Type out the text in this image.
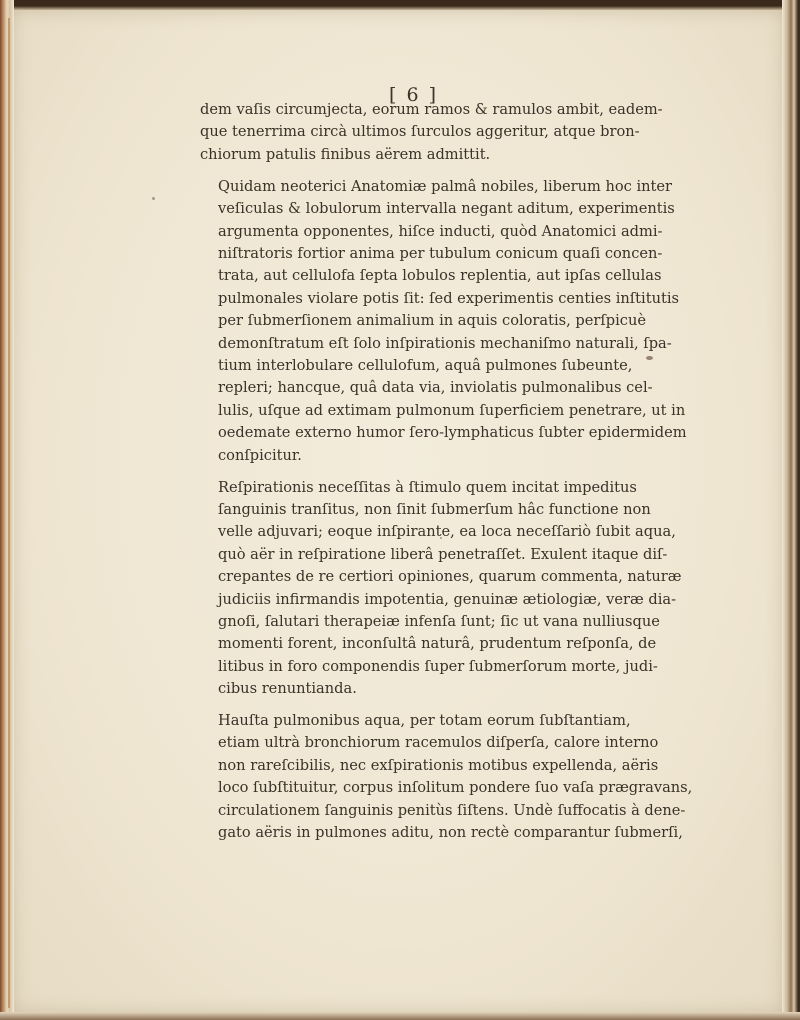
[ 6 ]

dem vaſis circumjecta, eorum ramos & ramulos ambit, eadem-
que tenerrima circà ultimos ſurculos aggeritur, atque bron-
chiorum patulis finibus aërem admittit.

Quidam neoterici Anatomiæ palmâ nobiles, liberum hoc inter
veſiculas & lobulorum intervalla negant aditum, experimentis
argumenta opponentes, hiſce inducti, quòd Anatomici admi-
niſtratoris fortior anima per tubulum conicum quaſi concen-
trata, aut cellulofa ſepta lobulos replentia, aut ipſas cellulas
pulmonales violare potis ſit: ſed experimentis centies inſtitutis
per ſubmerſionem animalium in aquis coloratis, perſpicuè
demonſtratum eſt ſolo inſpirationis mechaniſmo naturali, ſpa-
tium interlobulare cellulofum, aquâ pulmones ſubeunte,
repleri; hancque, quâ data via, inviolatis pulmonalibus cel-
lulis, uſque ad extimam pulmonum ſuperficiem penetrare, ut in
oedemate externo humor ſero-lymphaticus ſubter epidermidem
conſpicitur.

Reſpirationis neceſſitas à ſtimulo quem incitat impeditus
ſanguinis tranſitus, non ſinit ſubmerſum hâc functione non
velle adjuvari; eoque inſpirante, ea loca neceſſariò ſubit aqua,
quò aër in reſpiratione liberâ penetraſſet. Exulent itaque diſ-
crepantes de re certiori opiniones, quarum commenta, naturæ
judiciis infirmandis impotentia, genuinæ ætiologiæ, veræ dia-
gnoſi, ſalutari therapeiæ infenſa ſunt; ſic ut vana nulliusque
momenti forent, inconſultâ naturâ, prudentum reſponſa, de
litibus in foro componendis ſuper ſubmerſorum morte, judi-
cibus renuntianda.

Hauſta pulmonibus aqua, per totam eorum ſubſtantiam,
etiam ultrà bronchiorum racemulos diſperſa, calore interno
non rareſcibilis, nec exſpirationis motibus expellenda, aëris
loco ſubſtituitur, corpus inſolitum pondere ſuo vaſa prægravans,
circulationem ſanguinis penitùs ſiſtens. Undè ſuffocatis à dene-
gato aëris in pulmones aditu, non rectè comparantur ſubmerſi,
